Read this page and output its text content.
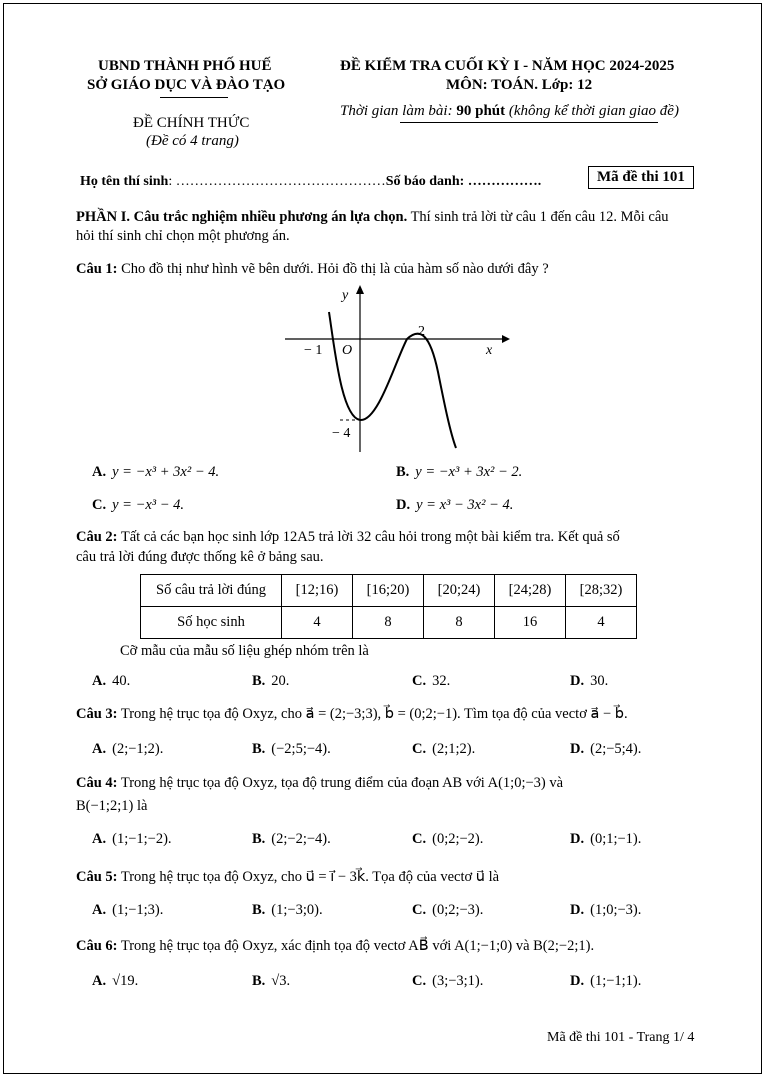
UBND THÀNH PHỐ HUẾ
SỞ GIÁO DỤC VÀ ĐÀO TẠO
ĐỀ CHÍNH THỨC
(Đề có 4 trang)
ĐỀ KIỂM TRA CUỐI KỲ I - NĂM HỌC 2024-2025
MÔN: TOÁN. Lớp: 12
Thời gian làm bài: 90 phút (không kể thời gian giao đề)
Họ tên thí sinh: ………………………………………Số báo danh: …………….	Mã đề thi 101
PHẦN I. Câu trắc nghiệm nhiều phương án lựa chọn. Thí sinh trả lời từ câu 1 đến câu 12. Mỗi câu
hỏi thí sinh chỉ chọn một phương án.
Câu 1: Cho đồ thị như hình vẽ bên dưới. Hỏi đồ thị là của hàm số nào dưới đây ?
y
x
O
− 1
2
− 4
A. y = −x³ + 3x² − 4.	B. y = −x³ + 3x² − 2.
C. y = −x³ − 4.	D. y = x³ − 3x² − 4.
Câu 2: Tất cả các bạn học sinh lớp 12A5 trả lời 32 câu hỏi trong một bài kiểm tra. Kết quả số
câu trả lời đúng được thống kê ở bảng sau.
Số câu trả lời đúng	[12;16)	[16;20)	[20;24)	[24;28)	[28;32)
Số học sinh	4	8	8	16	4
Cỡ mẫu của mẫu số liệu ghép nhóm trên là
A. 40.	B. 20.	C. 32.	D. 30.
Câu 3: Trong hệ trục tọa độ Oxyz, cho a⃗ = (2;−3;3), b⃗ = (0;2;−1). Tìm tọa độ của vectơ a⃗ − b⃗.
A. (2;−1;2).	B. (−2;5;−4).	C. (2;1;2).	D. (2;−5;4).
Câu 4: Trong hệ trục tọa độ Oxyz, tọa độ trung điểm của đoạn AB với A(1;0;−3) và
B(−1;2;1) là
A. (1;−1;−2).	B. (2;−2;−4).	C. (0;2;−2).	D. (0;1;−1).
Câu 5: Trong hệ trục tọa độ Oxyz, cho u⃗ = i⃗ − 3k⃗. Tọa độ của vectơ u⃗ là
A. (1;−1;3).	B. (1;−3;0).	C. (0;2;−3).	D. (1;0;−3).
Câu 6: Trong hệ trục tọa độ Oxyz, xác định tọa độ vectơ AB⃗ với A(1;−1;0) và B(2;−2;1).
A. √19.	B. √3.	C. (3;−3;1).	D. (1;−1;1).
Mã đề thi 101 - Trang 1/ 4
